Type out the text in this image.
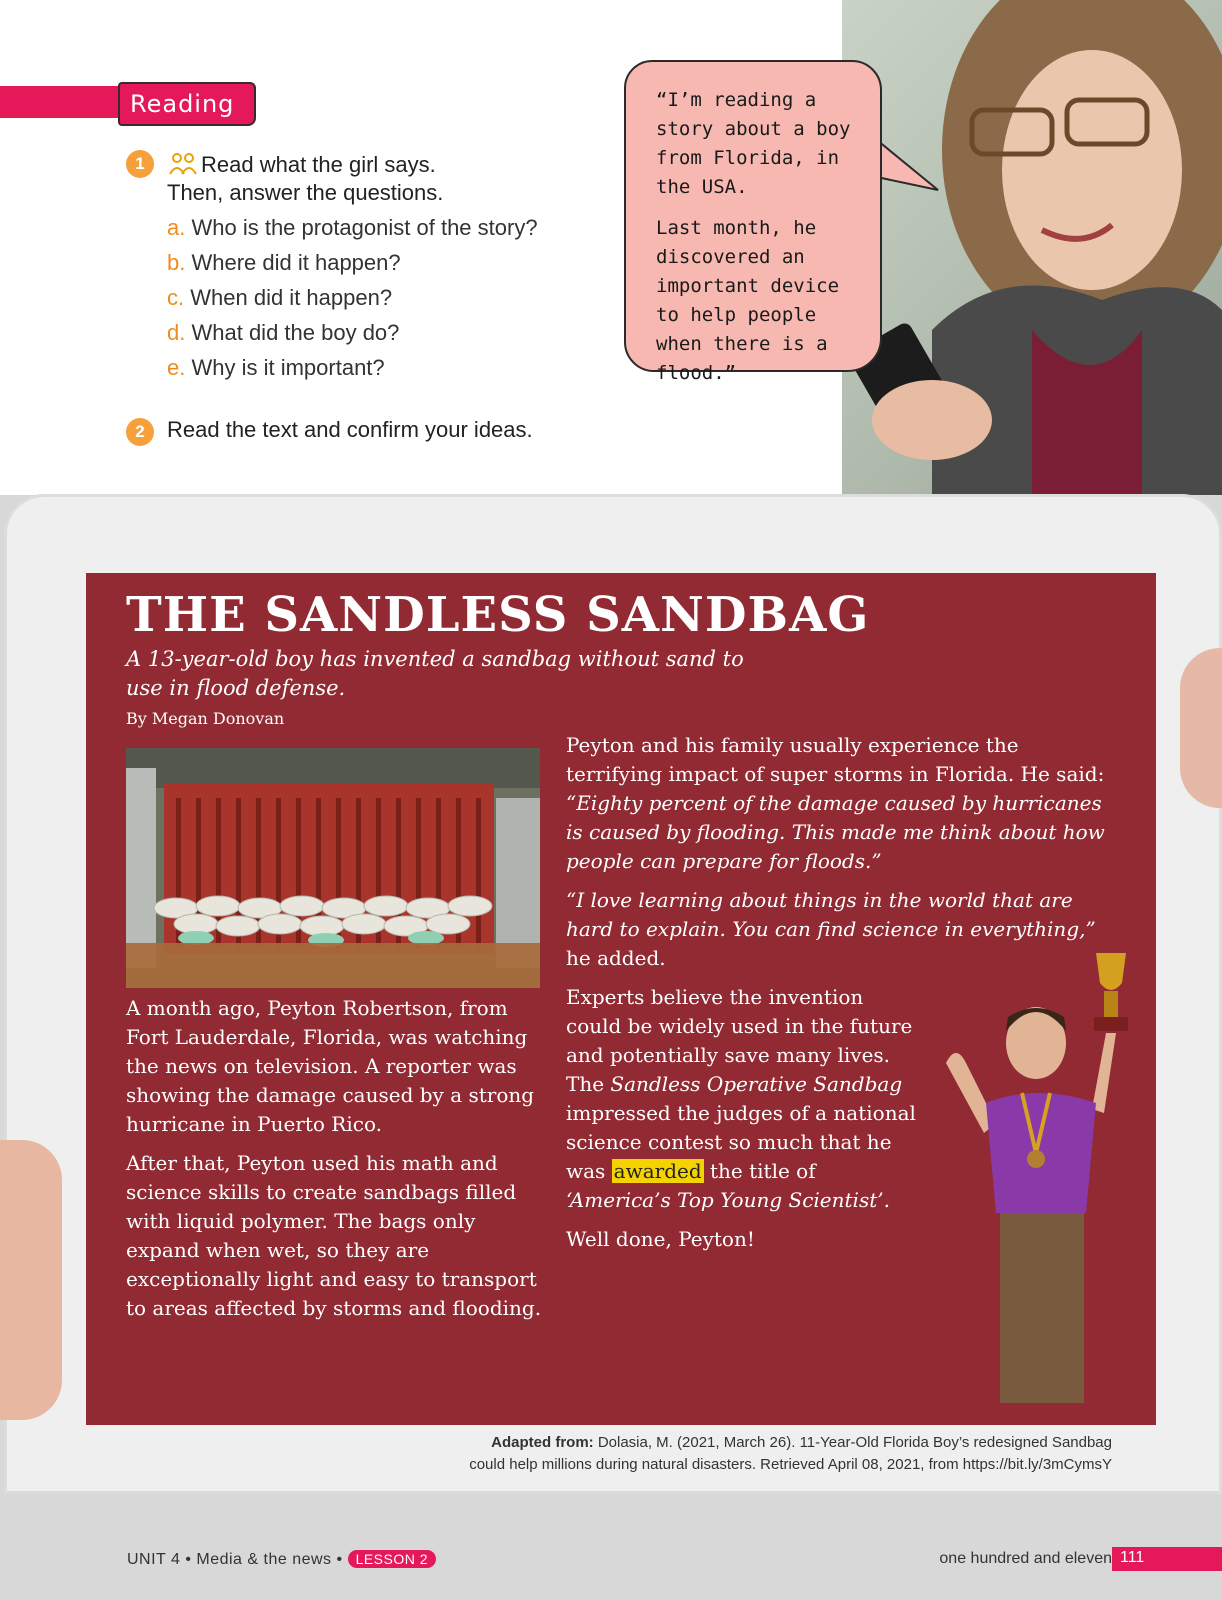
Reading
1	Read what the girl says.
Then, answer the questions.
a. Who is the protagonist of the story?
b. Where did it happen?
c. When did it happen?
d. What did the boy do?
e. Why is it important?
2	Read the text and confirm your ideas.

“I’m reading a story about a boy from Florida, in the USA.

Last month, he discovered an important device to help people when there is a flood.”

THE SANDLESS SANDBAG
A 13-year-old boy has invented a sandbag without sand to use in flood defense.
By Megan Donovan

A month ago, Peyton Robertson, from Fort Lauderdale, Florida, was watching the news on television. A reporter was showing the damage caused by a strong hurricane in Puerto Rico.

After that, Peyton used his math and science skills to create sandbags filled with liquid polymer. The bags only expand when wet, so they are exceptionally light and easy to transport to areas affected by storms and flooding.

Peyton and his family usually experience the terrifying impact of super storms in Florida. He said: “Eighty percent of the damage caused by hurricanes is caused by flooding. This made me think about how people can prepare for floods.”

“I love learning about things in the world that are hard to explain. You can find science in everything,” he added.

Experts believe the invention could be widely used in the future and potentially save many lives. The Sandless Operative Sandbag impressed the judges of a national science contest so much that he was awarded the title of ‘America’s Top Young Scientist’.

Well done, Peyton!

Adapted from: Dolasia, M. (2021, March 26). 11-Year-Old Florida Boy’s redesigned Sandbag
could help millions during natural disasters. Retrieved April 08, 2021, from https://bit.ly/3mCymsY
UNIT 4 • Media & the news • LESSON 2	one hundred and eleven 111
